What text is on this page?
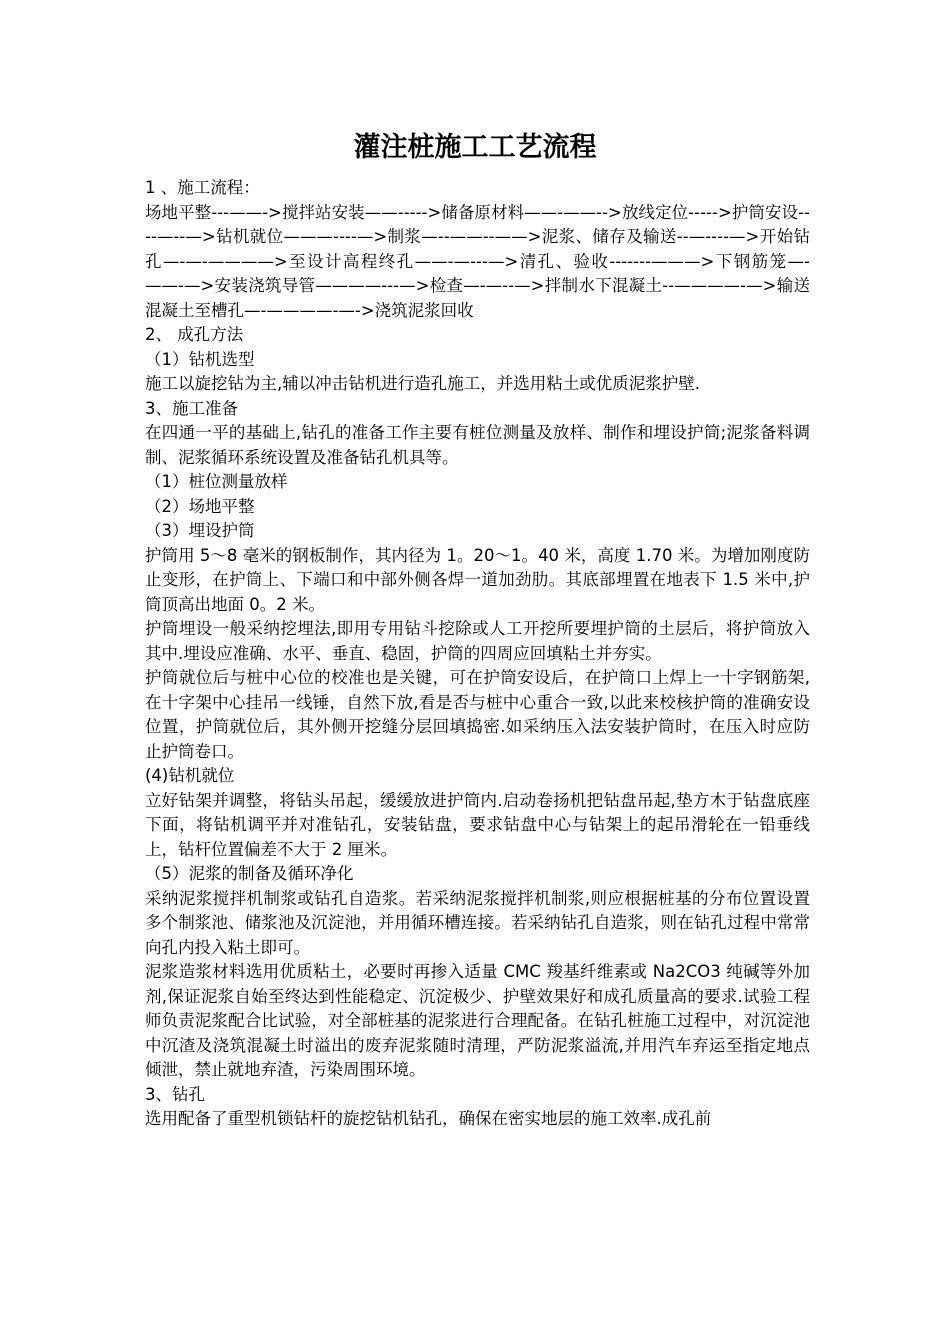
灌注桩施工工艺流程

1 、施工流程：

场地平整---——->搅拌站安装——----->储备原材料——-——-->放线定位----->护筒安设----—--—>钻机就位———----—>制浆—--——--——>泥浆、储存及输送--—----—>开始钻孔—-—-————>至设计高程终孔——-—---—>清孔、验收-------———>下钢筋笼—-——-—>安装浇筑导管————---—>检查—-—--—>拌制水下混凝土--————-—>输送混凝土至槽孔—-————-—->浇筑泥浆回收

2、 成孔方法

（1）钻机选型

施工以旋挖钻为主,辅以冲击钻机进行造孔施工，并选用粘土或优质泥浆护壁.

3、施工准备

在四通一平的基础上,钻孔的准备工作主要有桩位测量及放样、制作和埋设护筒;泥浆备料调制、泥浆循环系统设置及准备钻孔机具等。

（1）桩位测量放样

（2）场地平整

（3）埋设护筒

护筒用 5～8 毫米的钢板制作，其内径为 1。20～1。40 米，高度 1.70 米。为增加刚度防止变形，在护筒上、下端口和中部外侧各焊一道加劲肋。其底部埋置在地表下 1.5 米中,护筒顶高出地面 0。2 米。

护筒埋设一般采纳挖埋法,即用专用钻斗挖除或人工开挖所要埋护筒的土层后，将护筒放入其中.埋设应准确、水平、垂直、稳固，护筒的四周应回填粘土并夯实。

护筒就位后与桩中心位的校准也是关键，可在护筒安设后，在护筒口上焊上一十字钢筋架,在十字架中心挂吊一线锤，自然下放,看是否与桩中心重合一致,以此来校核护筒的准确安设位置，护筒就位后，其外侧开挖缝分层回填捣密.如采纳压入法安装护筒时，在压入时应防止护筒卷口。

(4)钻机就位

立好钻架并调整，将钻头吊起，缓缓放进护筒内.启动卷扬机把钻盘吊起,垫方木于钻盘底座下面，将钻机调平并对准钻孔，安装钻盘，要求钻盘中心与钻架上的起吊滑轮在一铅垂线上，钻杆位置偏差不大于 2 厘米。

（5）泥浆的制备及循环净化

采纳泥浆搅拌机制浆或钻孔自造浆。若采纳泥浆搅拌机制浆,则应根据桩基的分布位置设置多个制浆池、储浆池及沉淀池，并用循环槽连接。若采纳钻孔自造浆，则在钻孔过程中常常向孔内投入粘土即可。

泥浆造浆材料选用优质粘土，必要时再掺入适量 CMC 羧基纤维素或 Na2CO3 纯碱等外加剂,保证泥浆自始至终达到性能稳定、沉淀极少、护壁效果好和成孔质量高的要求.试验工程师负责泥浆配合比试验，对全部桩基的泥浆进行合理配备。在钻孔桩施工过程中，对沉淀池中沉渣及浇筑混凝土时溢出的废弃泥浆随时清理，严防泥浆溢流,并用汽车弃运至指定地点倾泄，禁止就地弃渣，污染周围环境。

3、钻孔

选用配备了重型机锁钻杆的旋挖钻机钻孔，确保在密实地层的施工效率.成孔前
